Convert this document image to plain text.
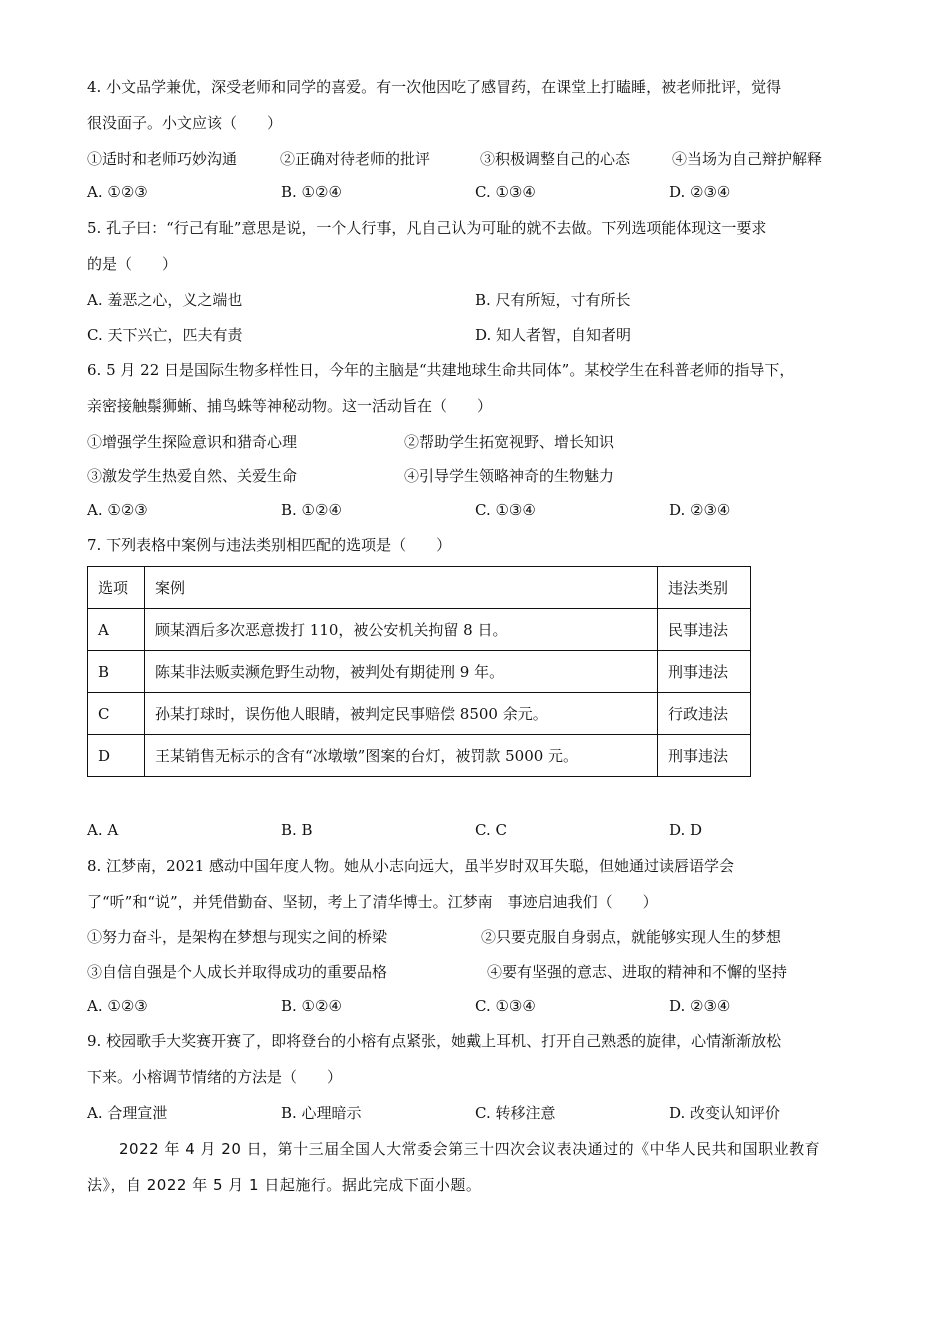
4. 小文品学兼优，深受老师和同学的喜爱。有一次他因吃了感冒药，在课堂上打瞌睡，被老师批评，觉得
很没面子。小文应该（　　）
①适时和老师巧妙沟通	②正确对待老师的批评	③积极调整自己的心态	④当场为自己辩护解释
A. ①②③	B. ①②④	C. ①③④	D. ②③④
5. 孔子曰：“行己有耻”意思是说，一个人行事，凡自己认为可耻的就不去做。下列选项能体现这一要求
的是（　　）
A. 羞恶之心，义之端也	B. 尺有所短，寸有所长
C. 天下兴亡，匹夫有责	D. 知人者智，自知者明
6. 5 月 22 日是国际生物多样性日，今年的主脑是“共建地球生命共同体”。某校学生在科普老师的指导下，
亲密接触鬃狮蜥、捕鸟蛛等神秘动物。这一活动旨在（　　）
①增强学生探险意识和猎奇心理	②帮助学生拓宽视野、增长知识
③激发学生热爱自然、关爱生命	④引导学生领略神奇的生物魅力
A. ①②③	B. ①②④	C. ①③④	D. ②③④
7. 下列表格中案例与违法类别相匹配的选项是（　　）
选项	案例	违法类别
A	顾某酒后多次恶意拨打 110，被公安机关拘留 8 日。	民事违法
B	陈某非法贩卖濒危野生动物，被判处有期徒刑 9 年。	刑事违法
C	孙某打球时，误伤他人眼睛，被判定民事赔偿 8500 余元。	行政违法
D	王某销售无标示的含有“冰墩墩”图案的台灯，被罚款 5000 元。	刑事违法
A. A	B. B	C. C	D. D
8. 江梦南，2021 感动中国年度人物。她从小志向远大，虽半岁时双耳失聪，但她通过读唇语学会
了“听”和“说”，并凭借勤奋、坚韧，考上了清华博士。江梦南　事迹启迪我们（　　）
①努力奋斗，是架构在梦想与现实之间的桥梁	②只要克服自身弱点，就能够实现人生的梦想
③自信自强是个人成长并取得成功的重要品格	④要有坚强的意志、进取的精神和不懈的坚持
A. ①②③	B. ①②④	C. ①③④	D. ②③④
9. 校园歌手大奖赛开赛了，即将登台的小榕有点紧张，她戴上耳机、打开自己熟悉的旋律，心情渐渐放松
下来。小榕调节情绪的方法是（　　）
A. 合理宣泄	B. 心理暗示	C. 转移注意	D. 改变认知评价
2022 年 4 月 20 日，第十三届全国人大常委会第三十四次会议表决通过的《中华人民共和国职业教育
法》，自 2022 年 5 月 1 日起施行。据此完成下面小题。
